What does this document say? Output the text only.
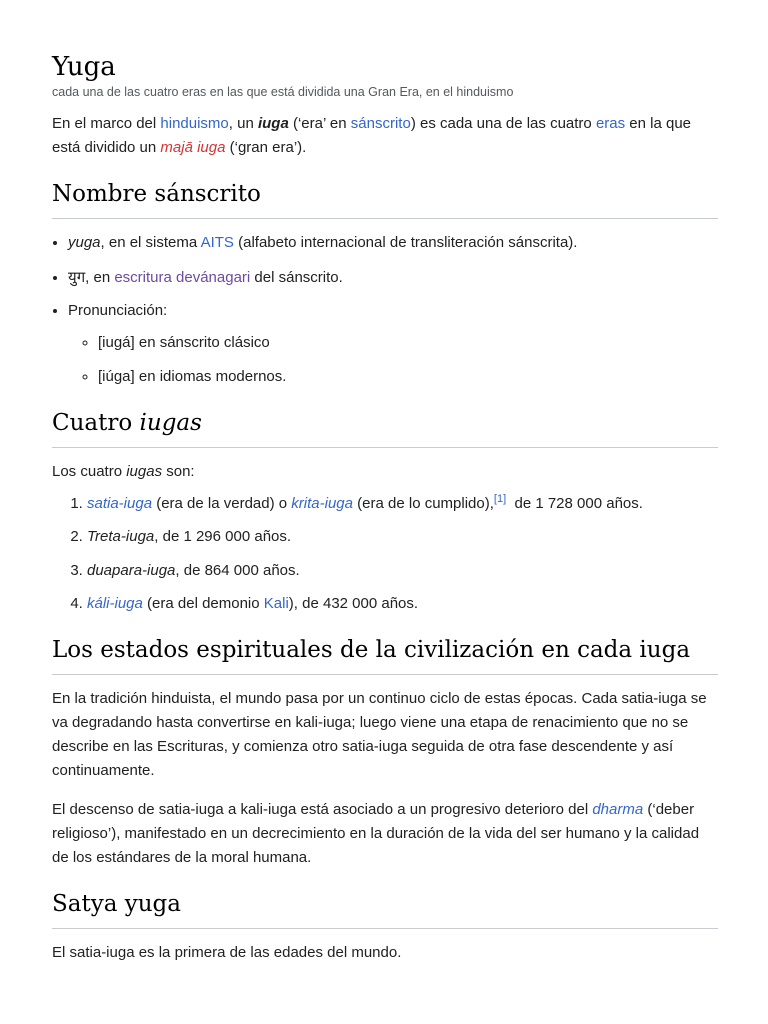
Yuga
cada una de las cuatro eras en las que está dividida una Gran Era, en el hinduismo

En el marco del hinduismo, un iuga (‘era’ en sánscrito) es cada una de las cuatro eras en la que está dividido un majā iuga (‘gran era’).

Nombre sánscrito
• yuga, en el sistema AITS (alfabeto internacional de transliteración sánscrita).
• युग, en escritura devánagari del sánscrito.
• Pronunciación:
◦ [iugá] en sánscrito clásico
◦ [iúga] en idiomas modernos.
Cuatro iugas

Los cuatro iugas son:

1. satia-iuga (era de la verdad) o krita-iuga (era de lo cumplido),[1]  de 1 728 000 años.
2. Treta-iuga, de 1 296 000 años.
3. duapara-iuga, de 864 000 años.
4. káli-iuga (era del demonio Kali), de 432 000 años.
Los estados espirituales de la civilización en cada iuga

En la tradición hinduista, el mundo pasa por un continuo ciclo de estas épocas. Cada satia-iuga se va degradando hasta convertirse en kali-iuga; luego viene una etapa de renacimiento que no se describe en las Escrituras, y comienza otro satia-iuga seguida de otra fase descendente y así continuamente.

El descenso de satia-iuga a kali-iuga está asociado a un progresivo deterioro del dharma (‘deber religioso’), manifestado en un decrecimiento en la duración de la vida del ser humano y la calidad de los estándares de la moral humana.

Satya yuga

El satia-iuga es la primera de las edades del mundo.
